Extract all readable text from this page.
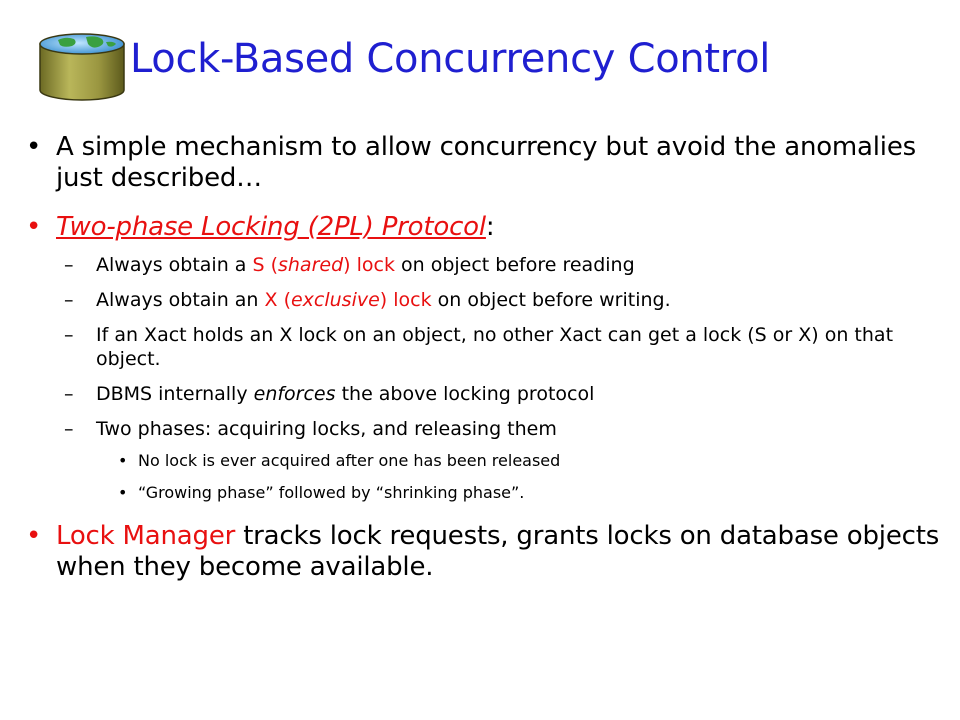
Lock-Based Concurrency Control
• A simple mechanism to allow concurrency but avoid the anomalies just described…
• Two-phase Locking (2PL) Protocol:
– Always obtain a S (shared) lock on object before reading
– Always obtain an X (exclusive) lock on object before writing.
– If an Xact holds an X lock on an object, no other Xact can get a lock (S or X) on that object.
– DBMS internally enforces the above locking protocol
– Two phases: acquiring locks, and releasing them
• No lock is ever acquired after one has been released
• “Growing phase” followed by “shrinking phase”.
• Lock Manager tracks lock requests, grants locks on database objects when they become available.
